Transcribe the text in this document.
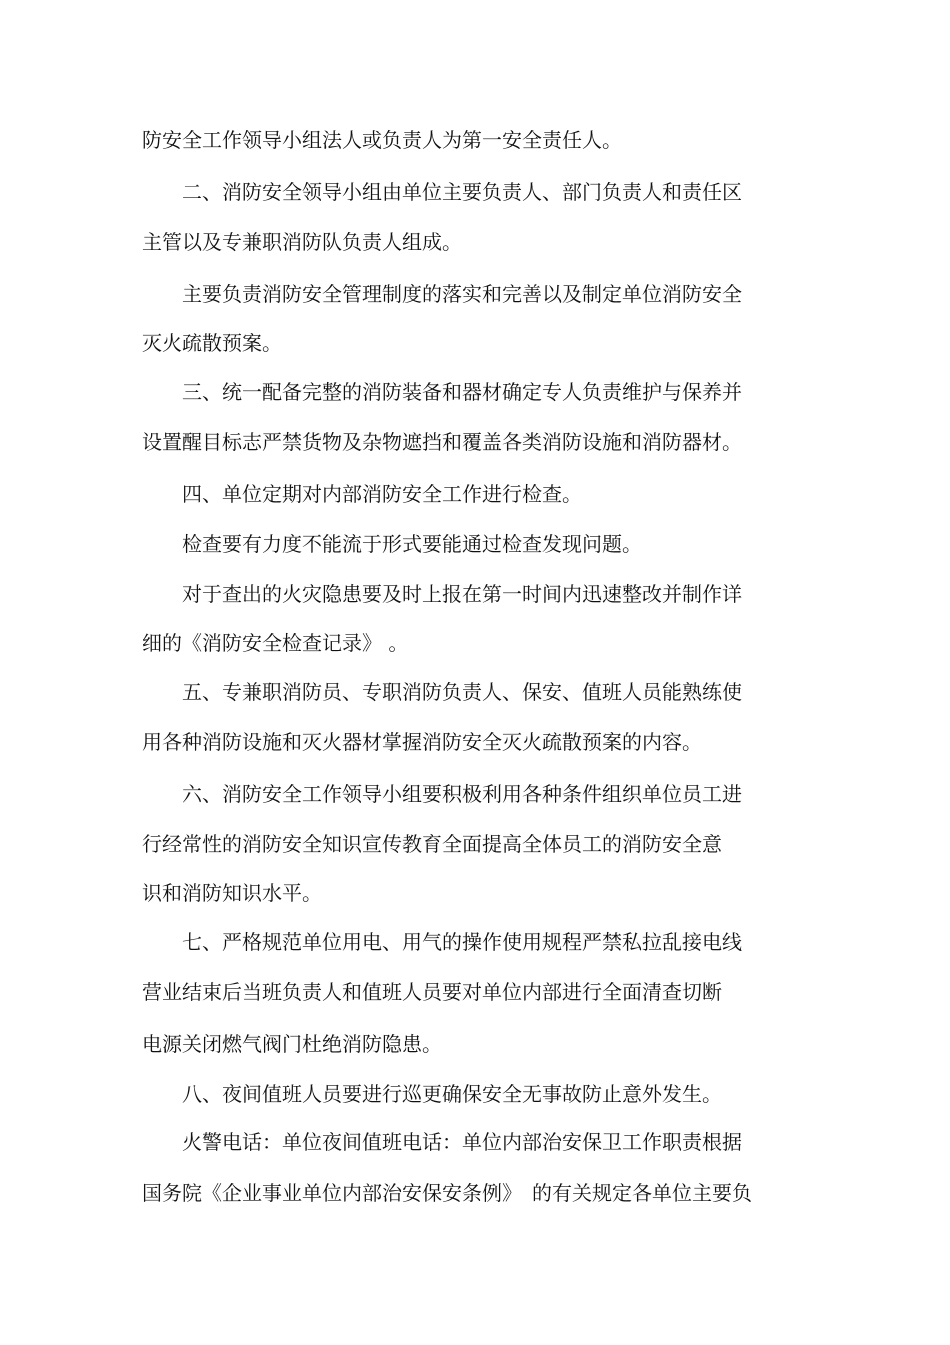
防安全工作领导小组法人或负责人为第一安全责任人。
　　二、消防安全领导小组由单位主要负责人、部门负责人和责任区
主管以及专兼职消防队负责人组成。
　　主要负责消防安全管理制度的落实和完善以及制定单位消防安全
灭火疏散预案。
　　三、统一配备完整的消防装备和器材确定专人负责维护与保养并
设置醒目标志严禁货物及杂物遮挡和覆盖各类消防设施和消防器材。
　　四、单位定期对内部消防安全工作进行检查。
　　检查要有力度不能流于形式要能通过检查发现问题。
　　对于查出的火灾隐患要及时上报在第一时间内迅速整改并制作详
细的《消防安全检查记录》 。
　　五、专兼职消防员、专职消防负责人、保安、值班人员能熟练使
用各种消防设施和灭火器材掌握消防安全灭火疏散预案的内容。
　　六、消防安全工作领导小组要积极利用各种条件组织单位员工进
行经常性的消防安全知识宣传教育全面提高全体员工的消防安全意
识和消防知识水平。
　　七、严格规范单位用电、用气的操作使用规程严禁私拉乱接电线
营业结束后当班负责人和值班人员要对单位内部进行全面清查切断
电源关闭燃气阀门杜绝消防隐患。
　　八、夜间值班人员要进行巡更确保安全无事故防止意外发生。
　　火警电话：单位夜间值班电话：单位内部治安保卫工作职责根据
国务院《企业事业单位内部治安保安条例》　的有关规定各单位主要负
